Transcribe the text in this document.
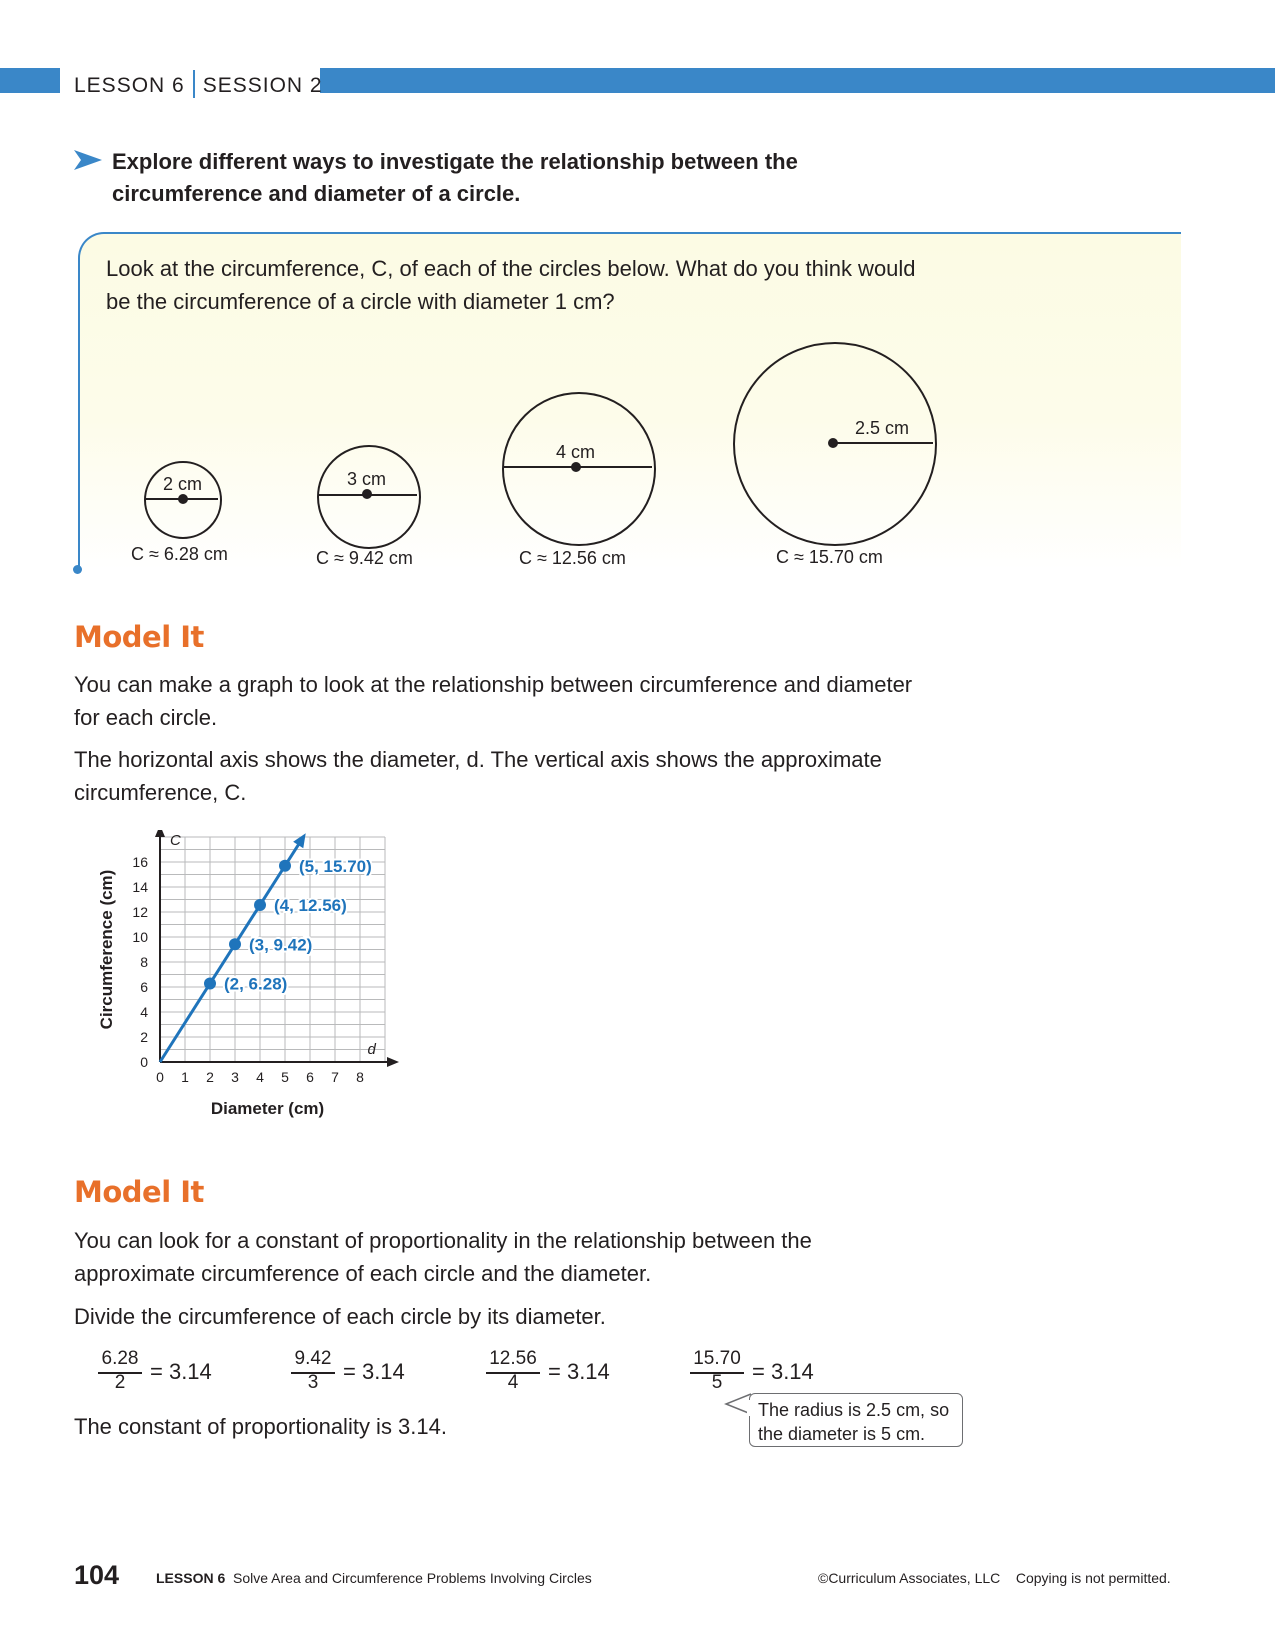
LESSON 6 SESSION 2
Explore different ways to investigate the relationship between the
circumference and diameter of a circle.
Look at the circumference, C, of each of the circles below. What do you think would
be the circumference of a circle with diameter 1 cm?
2 cm
C ≈ 6.28 cm
3 cm
C ≈ 9.42 cm
4 cm
C ≈ 12.56 cm
2.5 cm
C ≈ 15.70 cm
Model It
You can make a graph to look at the relationship between circumference and diameter
for each circle.
The horizontal axis shows the diameter, d. The vertical axis shows the approximate
circumference, C.
0 1 2 3 4 5 6 7 8
0
2
4
6
8
10
12
14
16
(2, 6.28)
(3, 9.42)
(4, 12.56)
(5, 15.70)
Circumference (cm)
Diameter (cm)
C
d
Model It
You can look for a constant of proportionality in the relationship between the
approximate circumference of each circle and the diameter.
Divide the circumference of each circle by its diameter.
6.28
2	= 3.14
9.42
3	= 3.14
12.56
4	= 3.14
15.70
5	= 3.14
The radius is 2.5 cm, so
the diameter is 5 cm.
The constant of proportionality is 3.14.
104	LESSON 6 Solve Area and Circumference Problems Involving Circles	©Curriculum Associates, LLC Copying is not permitted.
